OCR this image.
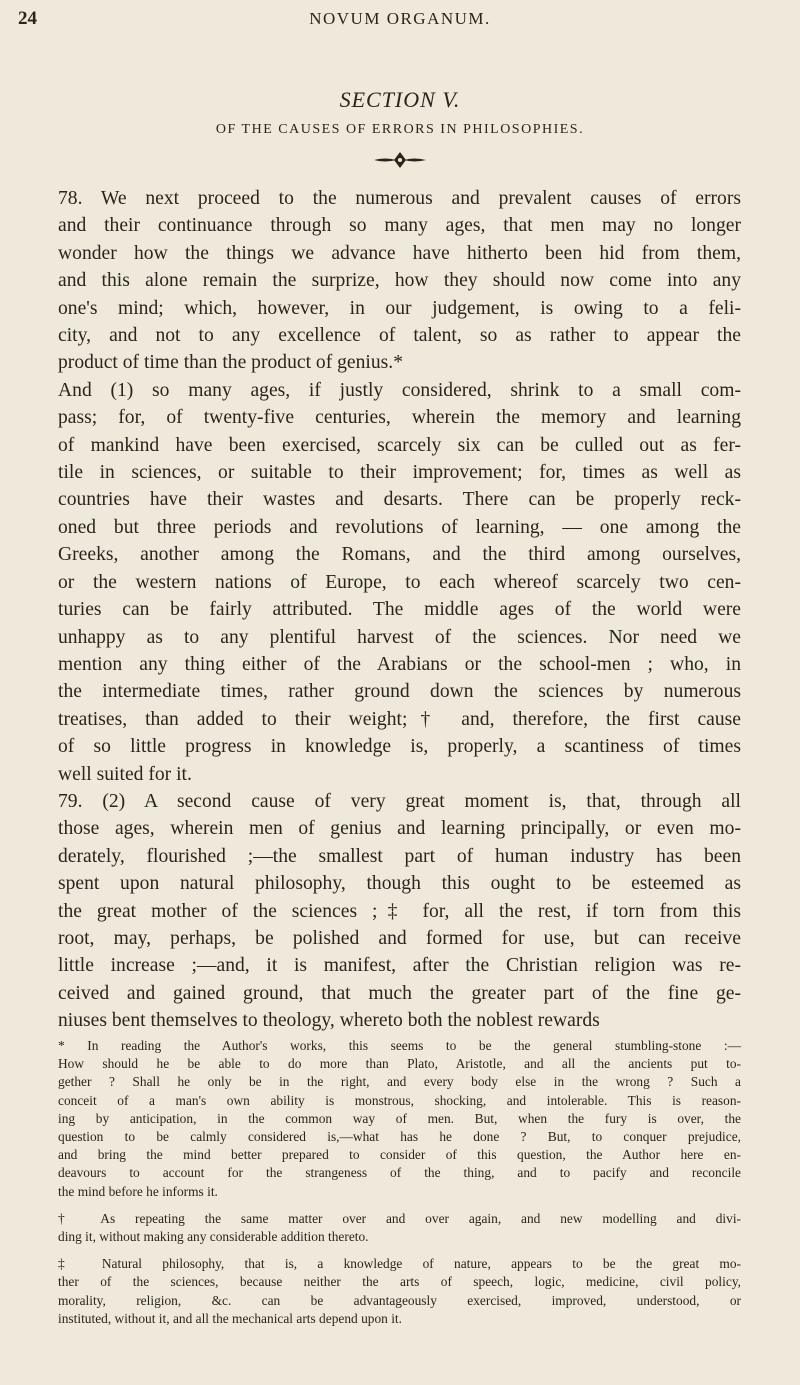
24	NOVUM ORGANUM.
SECTION V.
OF THE CAUSES OF ERRORS IN PHILOSOPHIES.
78. We next proceed to the numerous and prevalent causes of errors
and their continuance through so many ages, that men may no longer
wonder how the things we advance have hitherto been hid from them,
and this alone remain the surprize, how they should now come into any
one's mind; which, however, in our judgement, is owing to a feli-
city, and not to any excellence of talent, so as rather to appear the
product of time than the product of genius.*
And (1) so many ages, if justly considered, shrink to a small com-
pass; for, of twenty-five centuries, wherein the memory and learning
of mankind have been exercised, scarcely six can be culled out as fer-
tile in sciences, or suitable to their improvement; for, times as well as
countries have their wastes and desarts. There can be properly reck-
oned but three periods and revolutions of learning, — one among the
Greeks, another among the Romans, and the third among ourselves,
or the western nations of Europe, to each whereof scarcely two cen-
turies can be fairly attributed. The middle ages of the world were
unhappy as to any plentiful harvest of the sciences. Nor need we
mention any thing either of the Arabians or the school-men ; who, in
the intermediate times, rather ground down the sciences by numerous
treatises, than added to their weight;† and, therefore, the first cause
of so little progress in knowledge is, properly, a scantiness of times
well suited for it.
79. (2) A second cause of very great moment is, that, through all
those ages, wherein men of genius and learning principally, or even mo-
derately, flourished ;—the smallest part of human industry has been
spent upon natural philosophy, though this ought to be esteemed as
the great mother of the sciences ;‡ for, all the rest, if torn from this
root, may, perhaps, be polished and formed for use, but can receive
little increase ;—and, it is manifest, after the Christian religion was re-
ceived and gained ground, that much the greater part of the fine ge-
niuses bent themselves to theology, whereto both the noblest rewards
* In reading the Author's works, this seems to be the general stumbling-stone :—
How should he be able to do more than Plato, Aristotle, and all the ancients put to-
gether ? Shall he only be in the right, and every body else in the wrong ? Such a
conceit of a man's own ability is monstrous, shocking, and intolerable. This is reason-
ing by anticipation, in the common way of men. But, when the fury is over, the
question to be calmly considered is,—what has he done ? But, to conquer prejudice,
and bring the mind better prepared to consider of this question, the Author here en-
deavours to account for the strangeness of the thing, and to pacify and reconcile
the mind before he informs it.
† As repeating the same matter over and over again, and new modelling and divi-
ding it, without making any considerable addition thereto.
‡ Natural philosophy, that is, a knowledge of nature, appears to be the great mo-
ther of the sciences, because neither the arts of speech, logic, medicine, civil policy,
morality, religion, &c. can be advantageously exercised, improved, understood, or
instituted, without it, and all the mechanical arts depend upon it.
